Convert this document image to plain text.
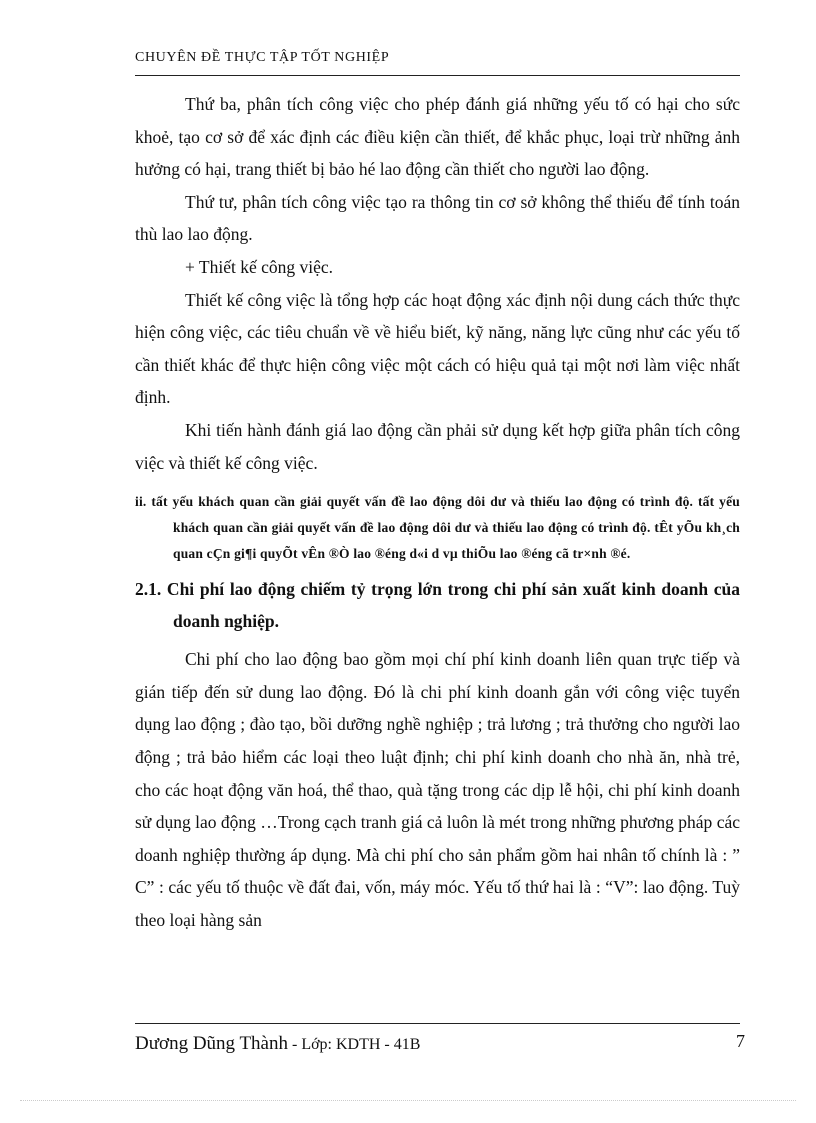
CHUYÊN ĐỀ THỰC TẬP TỐT NGHIỆP

Thứ ba, phân tích công việc cho phép đánh giá những yếu tố có hại cho sức khoẻ, tạo cơ sở để xác định các điều kiện cần thiết, để khắc phục, loại trừ những ảnh hưởng có hại, trang thiết bị bảo hé lao động cần thiết cho người lao động.

Thứ tư, phân tích công việc tạo ra thông tin cơ sở không thể thiếu để tính toán thù lao lao động.

+ Thiết kế công việc.

Thiết kế công việc là tổng hợp các hoạt động xác định nội dung cách thức thực hiện công việc, các tiêu chuẩn về về hiểu biết, kỹ năng, năng lực cũng như các yếu tố cần thiết khác để thực hiện công việc một cách có hiệu quả tại một nơi làm việc nhất định.

Khi tiến hành đánh giá lao động cần phải sử dụng kết hợp giữa phân tích công việc và thiết kế công việc.

ii. tất yếu khách quan cần giải quyết vấn đề lao động dôi dư và thiếu lao động có trình độ. tất yếu khách quan cần giải quyết vấn đề lao động dôi dư và thiếu lao động có trình độ. tÊt yÕu kh¸ch quan cÇn gi¶i quyÕt vÊn ®Ò lao ®éng d«i d vµ thiÕu lao ®éng cã tr×nh ®é.

2.1. Chi phí lao động chiếm tỷ trọng lớn trong chi phí sản xuất kinh doanh của doanh nghiệp.

Chi phí cho lao động bao gồm mọi chí phí kinh doanh liên quan trực tiếp và gián tiếp đến sử dung lao động. Đó là chi phí kinh doanh gắn với công việc tuyển dụng lao động ; đào tạo, bồi dưỡng nghề nghiệp ; trả lương ; trả thưởng cho người lao động ; trả bảo hiểm các loại theo luật định; chi phí kinh doanh cho nhà ăn, nhà trẻ, cho các hoạt động văn hoá, thể thao, quà tặng trong các dịp lễ hội, chi phí kinh doanh sử dụng lao động …Trong cạch tranh giá cả luôn là mét trong những phương pháp các doanh nghiệp thường áp dụng. Mà chi phí cho sản phẩm gồm hai nhân tố chính là : ” C” : các yếu tố thuộc về đất đai, vốn, máy móc. Yếu tố thứ hai là : “V”: lao động. Tuỳ theo loại hàng sản

Dương Dũng Thành - Lớp: KDTH - 41B	7
